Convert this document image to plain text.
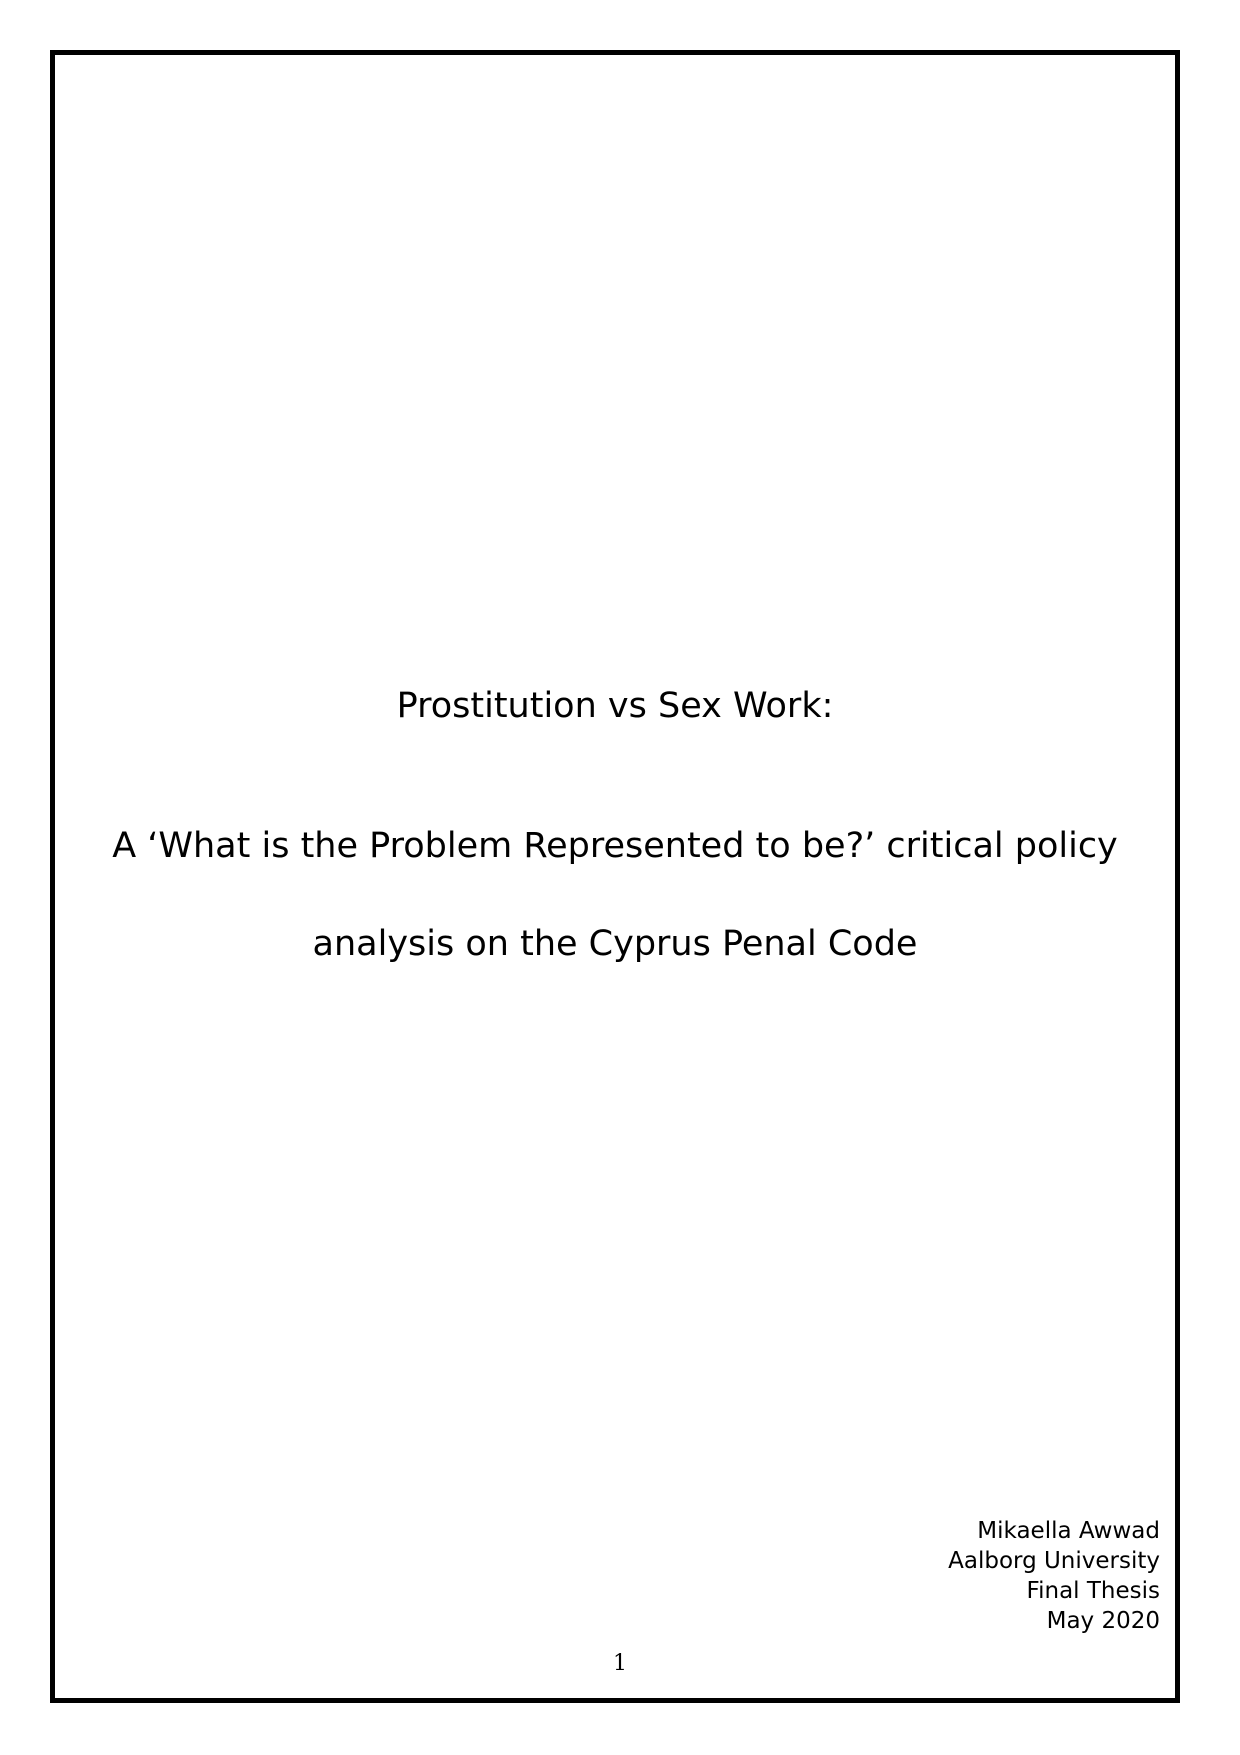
Prostitution vs Sex Work:
A ‘What is the Problem Represented to be?’ critical policy
analysis on the Cyprus Penal Code
Mikaella Awwad
Aalborg University
Final Thesis
May 2020
1
